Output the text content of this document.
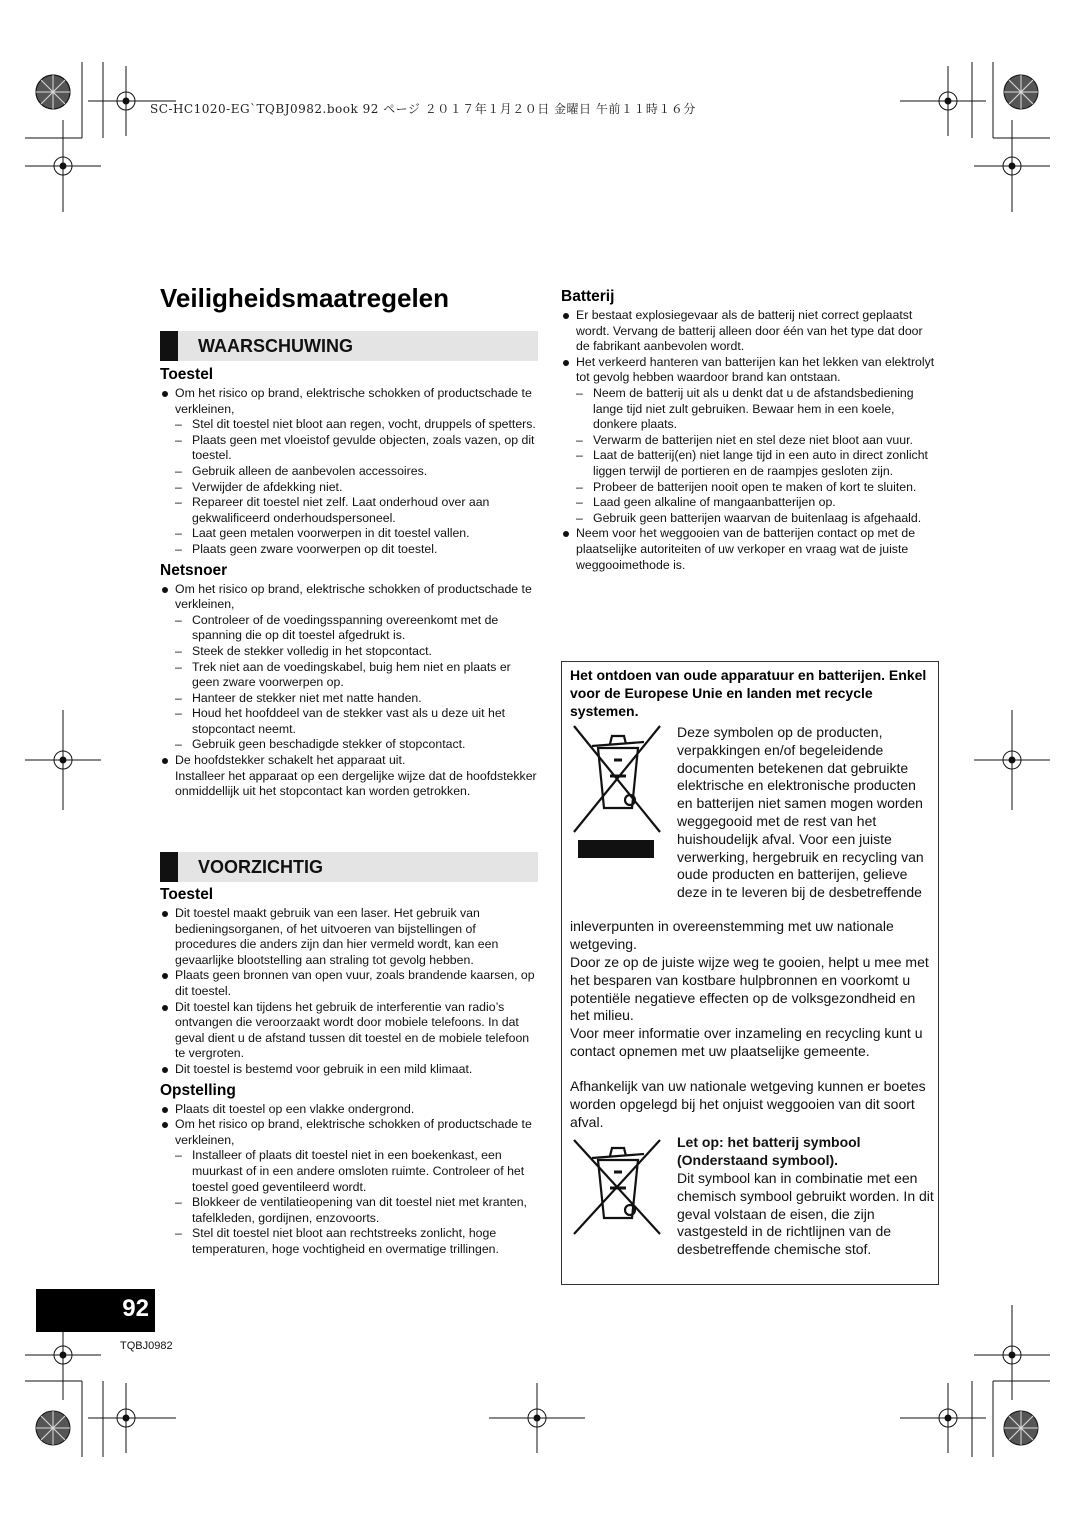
SC-HC1020-EG`TQBJ0982.book 92 ページ ２０１７年１月２０日 金曜日 午前１１時１６分
Veiligheidsmaatregelen
WAARSCHUWING
Toestel
Om het risico op brand, elektrische schokken of productschade te verkleinen,
– Stel dit toestel niet bloot aan regen, vocht, druppels of spetters.
– Plaats geen met vloeistof gevulde objecten, zoals vazen, op dit toestel.
– Gebruik alleen de aanbevolen accessoires.
– Verwijder de afdekking niet.
– Repareer dit toestel niet zelf. Laat onderhoud over aan gekwalificeerd onderhoudspersoneel.
– Laat geen metalen voorwerpen in dit toestel vallen.
– Plaats geen zware voorwerpen op dit toestel.
Netsnoer
Om het risico op brand, elektrische schokken of productschade te verkleinen,
– Controleer of de voedingsspanning overeenkomt met de spanning die op dit toestel afgedrukt is.
– Steek de stekker volledig in het stopcontact.
– Trek niet aan de voedingskabel, buig hem niet en plaats er geen zware voorwerpen op.
– Hanteer de stekker niet met natte handen.
– Houd het hoofddeel van de stekker vast als u deze uit het stopcontact neemt.
– Gebruik geen beschadigde stekker of stopcontact.
De hoofdstekker schakelt het apparaat uit.
Installeer het apparaat op een dergelijke wijze dat de hoofdstekker onmiddellijk uit het stopcontact kan worden getrokken.
VOORZICHTIG
Toestel
Dit toestel maakt gebruik van een laser. Het gebruik van bedieningsorganen, of het uitvoeren van bijstellingen of procedures die anders zijn dan hier vermeld wordt, kan een gevaarlijke blootstelling aan straling tot gevolg hebben.
Plaats geen bronnen van open vuur, zoals brandende kaarsen, op dit toestel.
Dit toestel kan tijdens het gebruik de interferentie van radio’s ontvangen die veroorzaakt wordt door mobiele telefoons. In dat geval dient u de afstand tussen dit toestel en de mobiele telefoon te vergroten.
Dit toestel is bestemd voor gebruik in een mild klimaat.
Opstelling
Plaats dit toestel op een vlakke ondergrond.
Om het risico op brand, elektrische schokken of productschade te verkleinen,
– Installeer of plaats dit toestel niet in een boekenkast, een muurkast of in een andere omsloten ruimte. Controleer of het toestel goed geventileerd wordt.
– Blokkeer de ventilatieopening van dit toestel niet met kranten, tafelkleden, gordijnen, enzovoorts.
– Stel dit toestel niet bloot aan rechtstreeks zonlicht, hoge temperaturen, hoge vochtigheid en overmatige trillingen.
Batterij
Er bestaat explosiegevaar als de batterij niet correct geplaatst wordt. Vervang de batterij alleen door één van het type dat door de fabrikant aanbevolen wordt.
Het verkeerd hanteren van batterijen kan het lekken van elektrolyt tot gevolg hebben waardoor brand kan ontstaan.
– Neem de batterij uit als u denkt dat u de afstandsbediening lange tijd niet zult gebruiken. Bewaar hem in een koele, donkere plaats.
– Verwarm de batterijen niet en stel deze niet bloot aan vuur.
– Laat de batterij(en) niet lange tijd in een auto in direct zonlicht liggen terwijl de portieren en de raampjes gesloten zijn.
– Probeer de batterijen nooit open te maken of kort te sluiten.
– Laad geen alkaline of mangaanbatterijen op.
– Gebruik geen batterijen waarvan de buitenlaag is afgehaald.
Neem voor het weggooien van de batterijen contact op met de plaatselijke autoriteiten of uw verkoper en vraag wat de juiste weggooimethode is.
Het ontdoen van oude apparatuur en batterijen. Enkel voor de Europese Unie en landen met recycle systemen.
Deze symbolen op de producten, verpakkingen en/of begeleidende documenten betekenen dat gebruikte elektrische en elektronische producten en batterijen niet samen mogen worden weggegooid met de rest van het huishoudelijk afval. Voor een juiste verwerking, hergebruik en recycling van oude producten en batterijen, gelieve deze in te leveren bij de desbetreffende
inleverpunten in overeenstemming met uw nationale wetgeving.
Door ze op de juiste wijze weg te gooien, helpt u mee met het besparen van kostbare hulpbronnen en voorkomt u potentiële negatieve effecten op de volksgezondheid en het milieu.
Voor meer informatie over inzameling en recycling kunt u contact opnemen met uw plaatselijke gemeente.
Afhankelijk van uw nationale wetgeving kunnen er boetes worden opgelegd bij het onjuist weggooien van dit soort afval.
Let op: het batterij symbool (Onderstaand symbool).
Dit symbool kan in combinatie met een chemisch symbool gebruikt worden. In dit geval volstaan de eisen, die zijn vastgesteld in de richtlijnen van de desbetreffende chemische stof.
92
TQBJ0982
